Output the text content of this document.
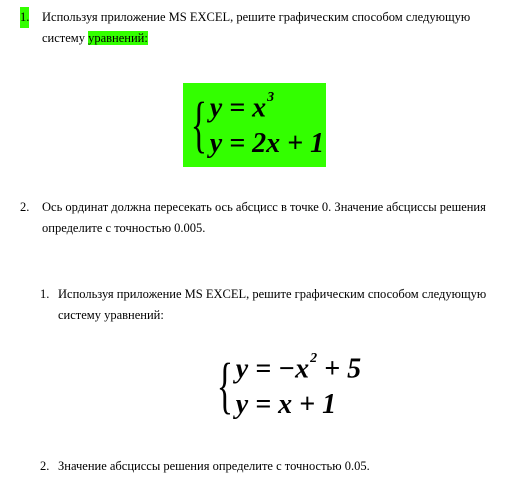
1. Используя приложение MS EXCEL, решите графическим способом следующую
систему уравнений:
{ $y = x^3$
y = 2x + 1
2. Ось ординат должна пересекать ось абсцисс в точке 0. Значение абсциссы решения
определите с точностью 0.005.
1. Используя приложение MS EXCEL, решите графическим способом следующую
систему уравнений:
{ $y = -x^2 + 5$
y = x + 1
2. Значение абсциссы решения определите с точностью 0.05.
